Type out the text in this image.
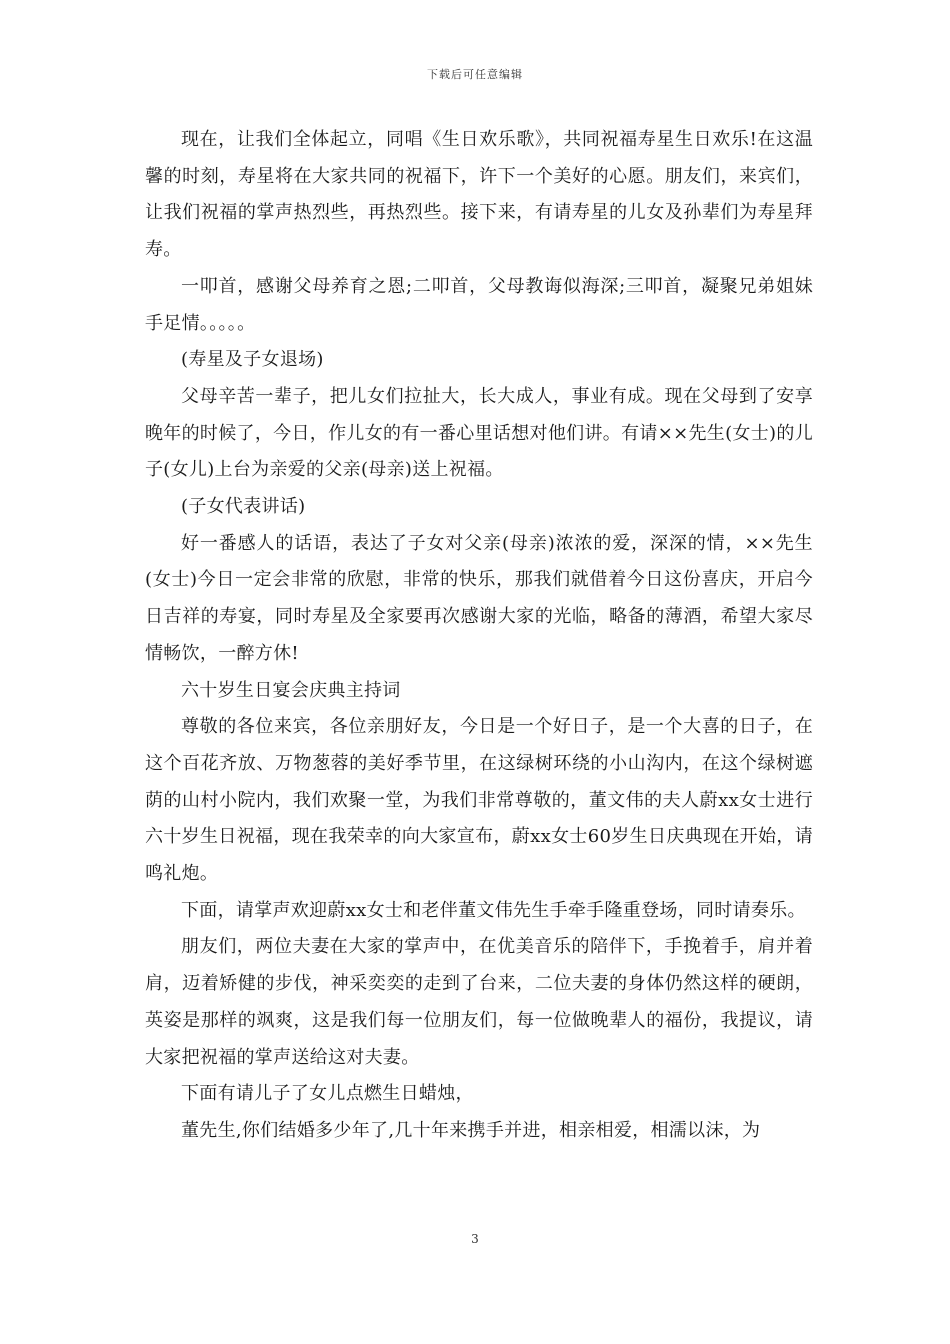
下载后可任意编辑

现在，让我们全体起立，同唱《生日欢乐歌》，共同祝福寿星生日欢乐!在这温馨的时刻，寿星将在大家共同的祝福下，许下一个美好的心愿。朋友们，来宾们，让我们祝福的掌声热烈些，再热烈些。接下来，有请寿星的儿女及孙辈们为寿星拜寿。

一叩首，感谢父母养育之恩;二叩首，父母教诲似海深;三叩首，凝聚兄弟姐妹手足情。。。。。

(寿星及子女退场)

父母辛苦一辈子，把儿女们拉扯大，长大成人，事业有成。现在父母到了安享晚年的时候了，今日，作儿女的有一番心里话想对他们讲。有请××先生(女士)的儿子(女儿)上台为亲爱的父亲(母亲)送上祝福。

(子女代表讲话)

好一番感人的话语，表达了子女对父亲(母亲)浓浓的爱，深深的情，××先生(女士)今日一定会非常的欣慰，非常的快乐，那我们就借着今日这份喜庆，开启今日吉祥的寿宴，同时寿星及全家要再次感谢大家的光临，略备的薄酒，希望大家尽情畅饮，一醉方休!

六十岁生日宴会庆典主持词

尊敬的各位来宾，各位亲朋好友，今日是一个好日子，是一个大喜的日子，在这个百花齐放、万物葱蓉的美好季节里，在这绿树环绕的小山沟内，在这个绿树遮荫的山村小院内，我们欢聚一堂，为我们非常尊敬的，董文伟的夫人蔚xx女士进行六十岁生日祝福，现在我荣幸的向大家宣布，蔚xx女士60岁生日庆典现在开始，请鸣礼炮。

下面，请掌声欢迎蔚xx女士和老伴董文伟先生手牵手隆重登场，同时请奏乐。

朋友们，两位夫妻在大家的掌声中，在优美音乐的陪伴下，手挽着手，肩并着肩，迈着矫健的步伐，神采奕奕的走到了台来，二位夫妻的身体仍然这样的硬朗，英姿是那样的飒爽，这是我们每一位朋友们，每一位做晚辈人的福份，我提议，请大家把祝福的掌声送给这对夫妻。

下面有请儿子了女儿点燃生日蜡烛，

董先生,你们结婚多少年了,几十年来携手并进，相亲相爱，相濡以沫，为

3
